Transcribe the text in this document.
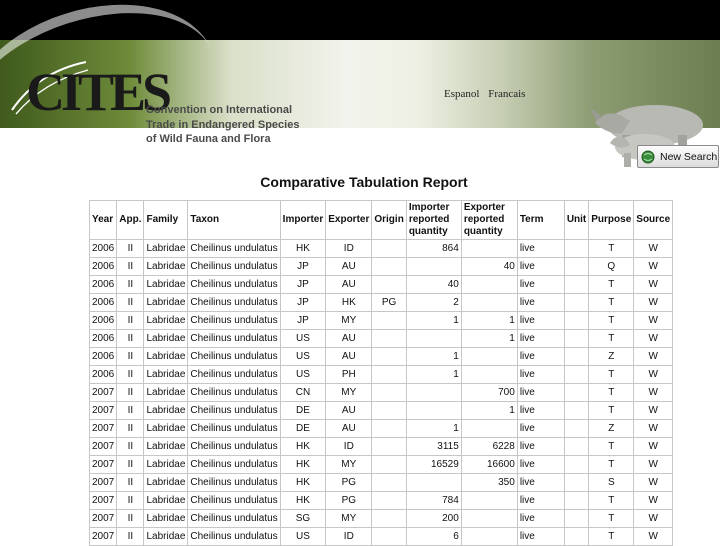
CITES
Convention on International
Trade in Endangered Species
of Wild Fauna and Flora
Espanol Francais
New Search
Comparative Tabulation Report
Year	App.	Family	Taxon	Importer	Exporter	Origin	Importer reported quantity	Exporter reported quantity	Term	Unit	Purpose	Source
2006	II	Labridae	Cheilinus undulatus	HK	ID		864		live		T	W
2006	II	Labridae	Cheilinus undulatus	JP	AU			40	live		Q	W
2006	II	Labridae	Cheilinus undulatus	JP	AU		40		live		T	W
2006	II	Labridae	Cheilinus undulatus	JP	HK	PG	2		live		T	W
2006	II	Labridae	Cheilinus undulatus	JP	MY		1	1	live		T	W
2006	II	Labridae	Cheilinus undulatus	US	AU			1	live		T	W
2006	II	Labridae	Cheilinus undulatus	US	AU		1		live		Z	W
2006	II	Labridae	Cheilinus undulatus	US	PH		1		live		T	W
2007	II	Labridae	Cheilinus undulatus	CN	MY			700	live		T	W
2007	II	Labridae	Cheilinus undulatus	DE	AU			1	live		T	W
2007	II	Labridae	Cheilinus undulatus	DE	AU		1		live		Z	W
2007	II	Labridae	Cheilinus undulatus	HK	ID		3115	6228	live		T	W
2007	II	Labridae	Cheilinus undulatus	HK	MY		16529	16600	live		T	W
2007	II	Labridae	Cheilinus undulatus	HK	PG			350	live		S	W
2007	II	Labridae	Cheilinus undulatus	HK	PG		784		live		T	W
2007	II	Labridae	Cheilinus undulatus	SG	MY		200		live		T	W
2007	II	Labridae	Cheilinus undulatus	US	ID		6		live		T	W
